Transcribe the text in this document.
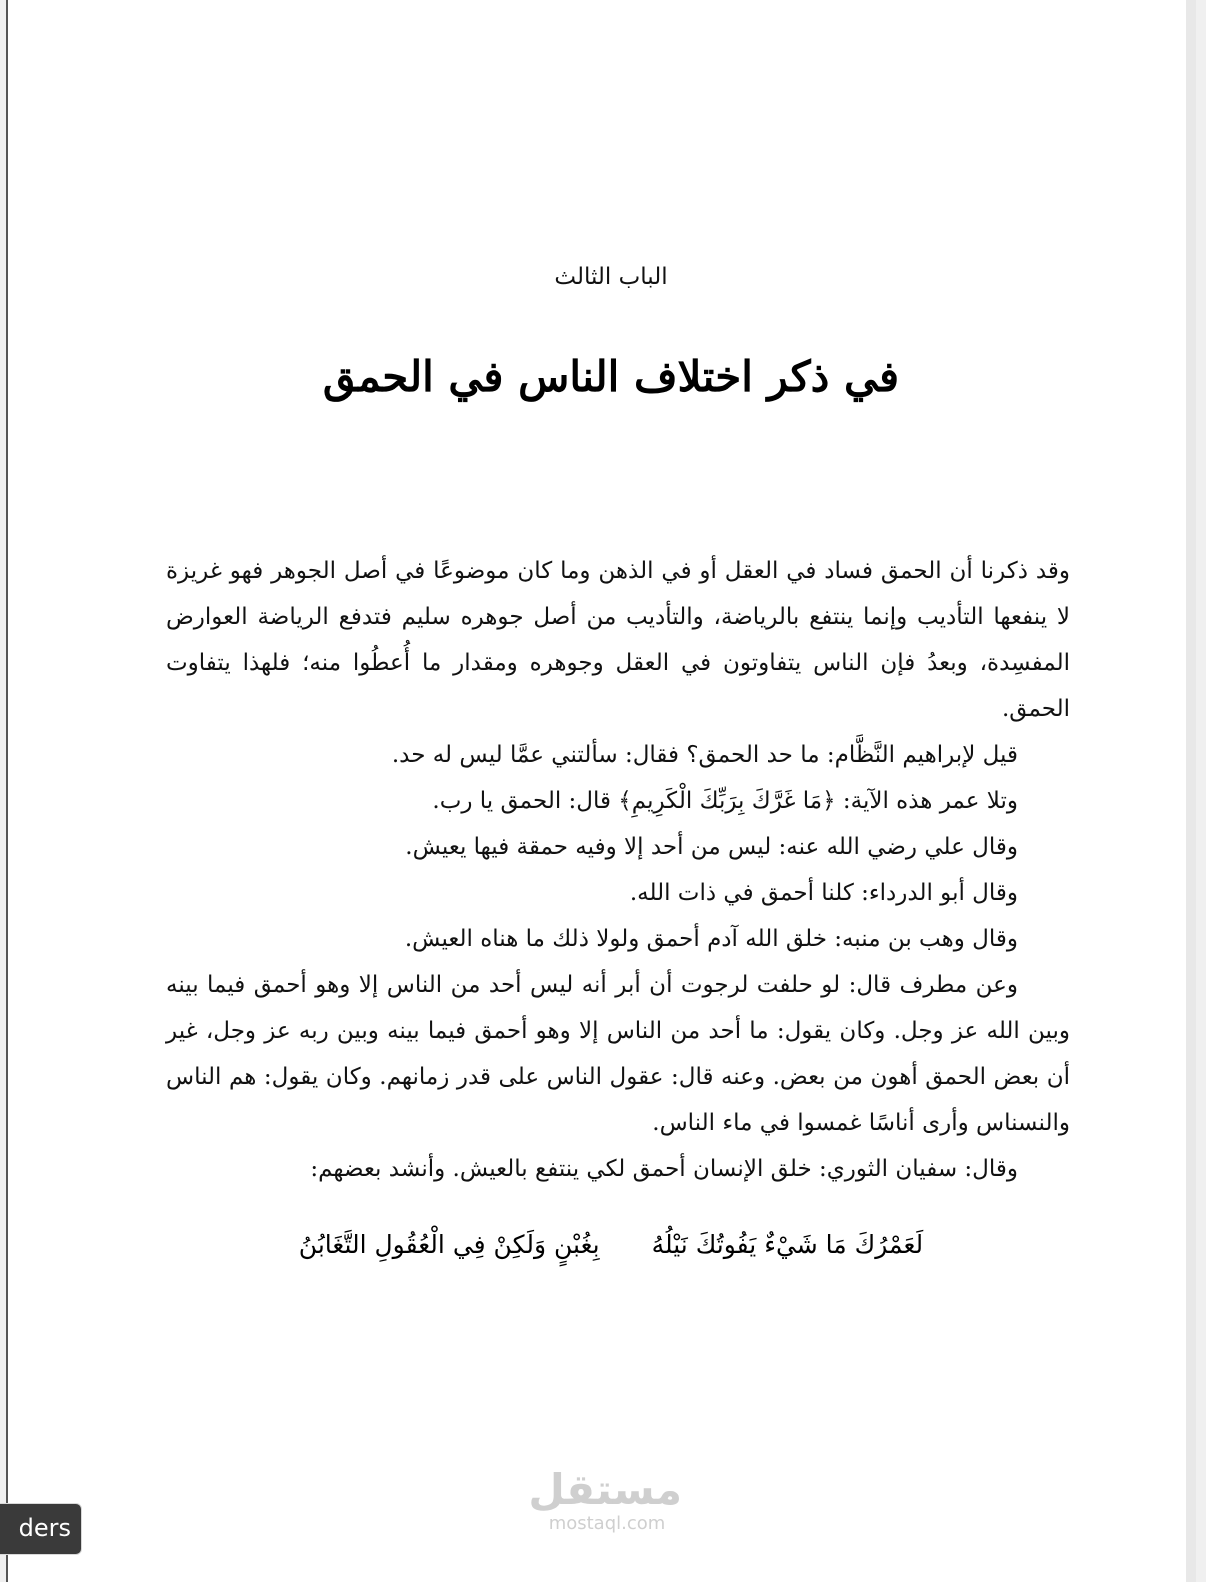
الباب الثالث
في ذكر اختلاف الناس في الحمق

وقد ذكرنا أن الحمق فساد في العقل أو في الذهن وما كان موضوعًا في أصل الجوهر فهو غريزة لا ينفعها التأديب وإنما ينتفع بالرياضة، والتأديب من أصل جوهره سليم فتدفع الرياضة العوارض المفسِدة، وبعدُ فإن الناس يتفاوتون في العقل وجوهره ومقدار ما أُعطُوا منه؛ فلهذا يتفاوت الحمق.

قيل لإبراهيم النَّظَّام: ما حد الحمق؟ فقال: سألتني عمَّا ليس له حد.

وتلا عمر هذه الآية: ﴿مَا غَرَّكَ بِرَبِّكَ الْكَرِيمِ﴾ قال: الحمق يا رب.

وقال علي رضي الله عنه: ليس من أحد إلا وفيه حمقة فيها يعيش.

وقال أبو الدرداء: كلنا أحمق في ذات الله.

وقال وهب بن منبه: خلق الله آدم أحمق ولولا ذلك ما هناه العيش.

وعن مطرف قال: لو حلفت لرجوت أن أبر أنه ليس أحد من الناس إلا وهو أحمق فيما بينه وبين الله عز وجل. وكان يقول: ما أحد من الناس إلا وهو أحمق فيما بينه وبين ربه عز وجل، غير أن بعض الحمق أهون من بعض. وعنه قال: عقول الناس على قدر زمانهم. وكان يقول: هم الناس والنسناس وأرى أناسًا غمسوا في ماء الناس.

وقال: سفيان الثوري: خلق الإنسان أحمق لكي ينتفع بالعيش. وأنشد بعضهم:

لَعَمْرُكَ مَا شَيْءٌ يَفُوتُكَ نَيْلُهُ بِغُبْنٍ وَلَكِنْ فِي الْعُقُولِ التَّغَابُنُ
مستقل
mostaql.com
ders
